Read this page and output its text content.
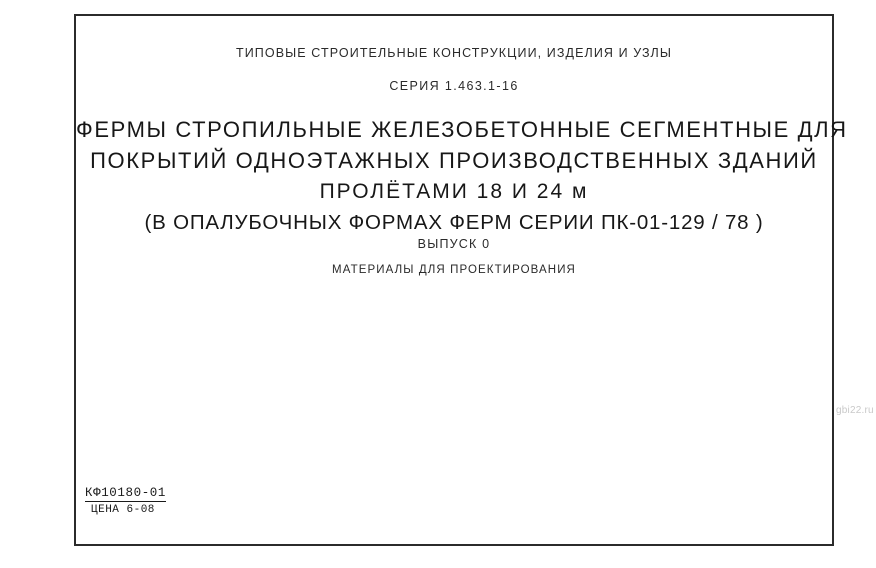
ТИПОВЫЕ СТРОИТЕЛЬНЫЕ КОНСТРУКЦИИ, ИЗДЕЛИЯ И УЗЛЫ
СЕРИЯ 1.463.1-16
ФЕРМЫ СТРОПИЛЬНЫЕ ЖЕЛЕЗОБЕТОННЫЕ СЕГМЕНТНЫЕ ДЛЯ
ПОКРЫТИЙ ОДНОЭТАЖНЫХ ПРОИЗВОДСТВЕННЫХ ЗДАНИЙ
ПРОЛЁТАМИ 18 И 24 м
(В ОПАЛУБОЧНЫХ ФОРМАХ ФЕРМ СЕРИИ ПК-01-129 / 78 )
ВЫПУСК 0
МАТЕРИАЛЫ ДЛЯ ПРОЕКТИРОВАНИЯ
КФ10180-01
ЦЕНА 6-08
gbi22.ru
